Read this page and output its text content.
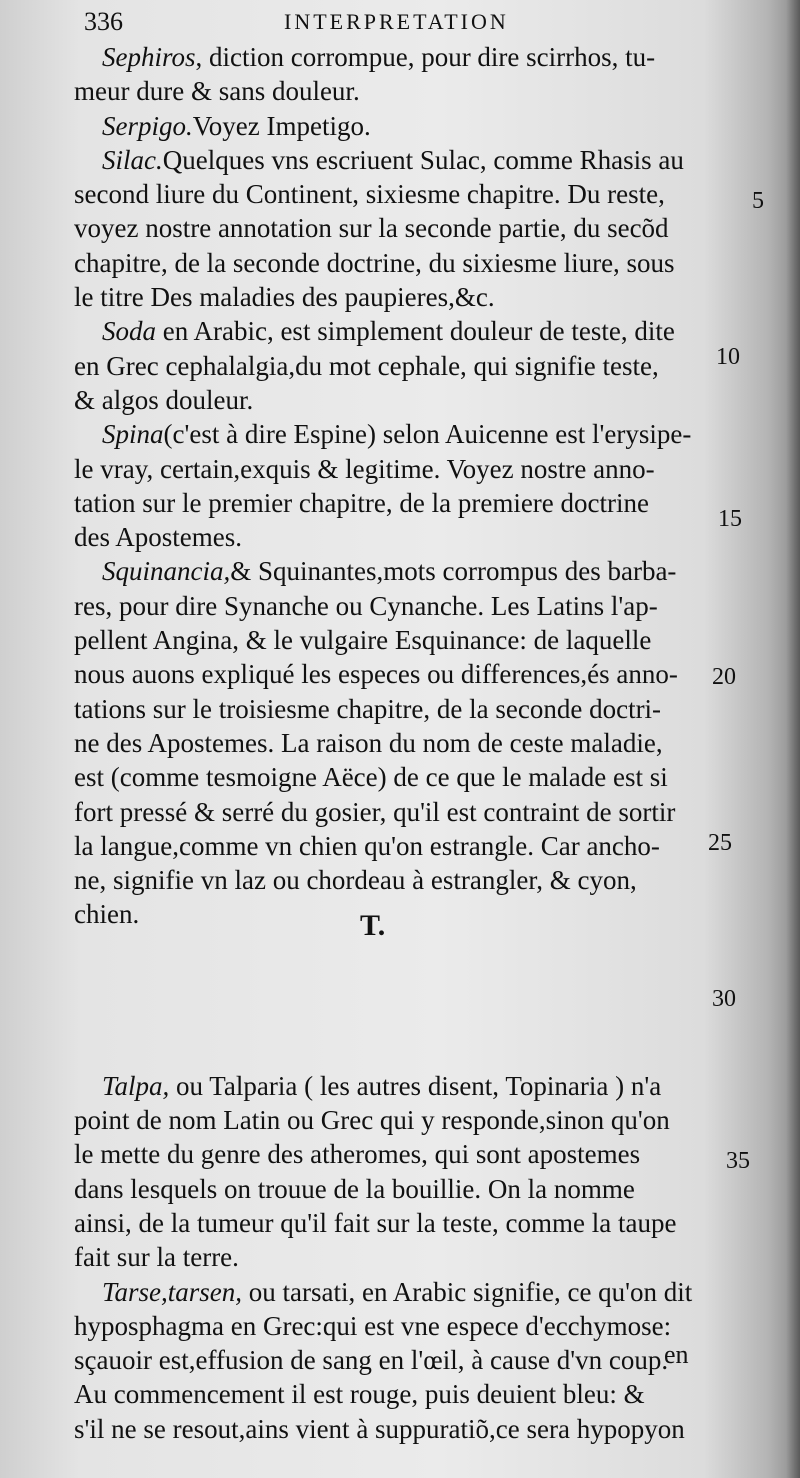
336	INTERPRETATION
Sephiros, diction corrompue, pour dire scirrhos, tu-
meur dure & sans douleur.
Serpigo.Voyez Impetigo.
Silac.Quelques vns escriuent Sulac, comme Rhasis au
second liure du Continent, sixiesme chapitre. Du reste,
voyez nostre annotation sur la seconde partie, du secõd
chapitre, de la seconde doctrine, du sixiesme liure, sous
le titre Des maladies des paupieres,&c.
Soda en Arabic, est simplement douleur de teste, dite
en Grec cephalalgia,du mot cephale, qui signifie teste,
& algos douleur.
Spina(c'est à dire Espine) selon Auicenne est l'erysipe-
le vray, certain,exquis & legitime. Voyez nostre anno-
tation sur le premier chapitre, de la premiere doctrine
des Apostemes.
Squinancia,& Squinantes,mots corrompus des barba-
res, pour dire Synanche ou Cynanche. Les Latins l'ap-
pellent Angina, & le vulgaire Esquinance: de laquelle
nous auons expliqué les especes ou differences,és anno-
tations sur le troisiesme chapitre, de la seconde doctri-
ne des Apostemes. La raison du nom de ceste maladie,
est (comme tesmoigne Aëce) de ce que le malade est si
fort pressé & serré du gosier, qu'il est contraint de sortir
la langue,comme vn chien qu'on estrangle. Car ancho-
ne, signifie vn laz ou chordeau à estrangler, & cyon,
chien.
Talpa, ou Talparia ( les autres disent, Topinaria ) n'a
point de nom Latin ou Grec qui y responde,sinon qu'on
le mette du genre des atheromes, qui sont apostemes
dans lesquels on trouue de la bouillie. On la nomme
ainsi, de la tumeur qu'il fait sur la teste, comme la taupe
fait sur la terre.
Tarse,tarsen, ou tarsati, en Arabic signifie, ce qu'on dit
hyposphagma en Grec:qui est vne espece d'ecchymose:
sçauoir est,effusion de sang en l'œil, à cause d'vn coup.
Au commencement il est rouge, puis deuient bleu: &
s'il ne se resout,ains vient à suppuratiõ,ce sera hypopyon
T.
5
10
15
20
25
30
35
en
